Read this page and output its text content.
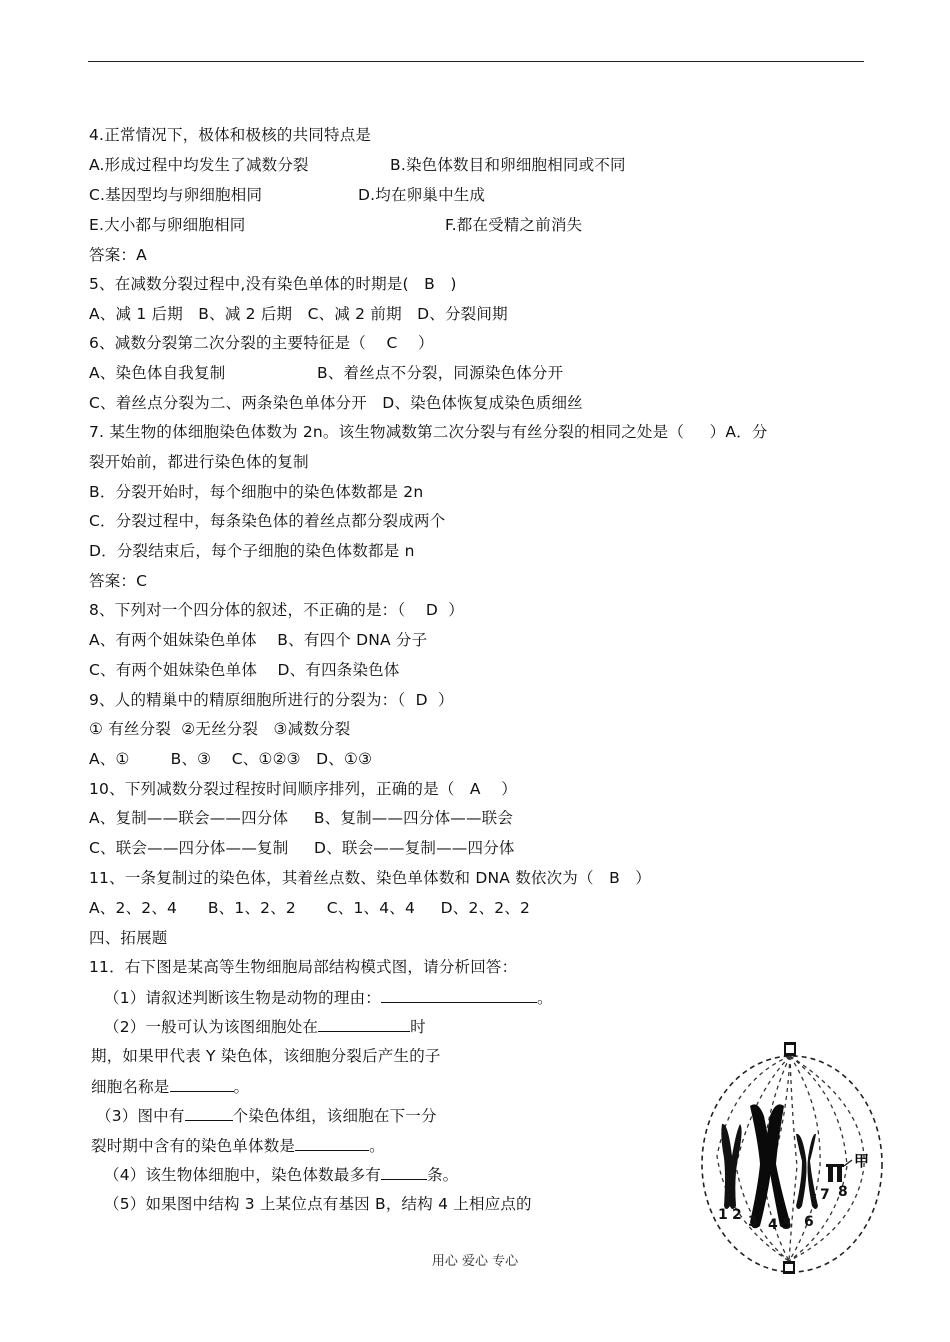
4.正常情况下，极体和极核的共同特点是
A.形成过程中均发生了减数分裂	B.染色体数目和卵细胞相同或不同
C.基因型均与卵细胞相同	D.均在卵巢中生成
E.大小都与卵细胞相同	F.都在受精之前消失
答案：A
5、在减数分裂过程中,没有染色单体的时期是(   B   )
A、减 1 后期   B、减 2 后期   C、减 2 前期   D、分裂间期
6、减数分裂第二次分裂的主要特征是（    C    ）
A、染色体自我复制	B、着丝点不分裂，同源染色体分开
C、着丝点分裂为二、两条染色单体分开   D、染色体恢复成染色质细丝
7. 某生物的体细胞染色体数为 2n。该生物减数第二次分裂与有丝分裂的相同之处是（     ）A．分
裂开始前，都进行染色体的复制
B．分裂开始时，每个细胞中的染色体数都是 2n
C．分裂过程中，每条染色体的着丝点都分裂成两个
D．分裂结束后，每个子细胞的染色体数都是 n
答案：C
8、下列对一个四分体的叙述，不正确的是：（    D  ）
A、有两个姐妹染色单体    B、有四个 DNA 分子
C、有两个姐妹染色单体    D、有四条染色体
9、人的精巢中的精原细胞所进行的分裂为：（  D  ）
① 有丝分裂  ②无丝分裂   ③减数分裂
A、①        B、③    C、①②③   D、①③
10、下列减数分裂过程按时间顺序排列，正确的是（   A    ）
A、复制——联会——四分体     B、复制——四分体——联会
C、联会——四分体——复制     D、联会——复制——四分体
11、一条复制过的染色体，其着丝点数、染色单体数和 DNA 数依次为（   B   ）
A、2、2、4      B、1、2、2      C、1、4、4     D、2、2、2
四、拓展题
11．右下图是某高等生物细胞局部结构模式图，请分析回答：
（1）请叙述判断该生物是动物的理由：	。
（2）一般可认为该图细胞处在	时
期，如果甲代表 Y 染色体，该细胞分裂后产生的子
细胞名称是	。
（3）图中有	个染色体组，该细胞在下一分
裂时期中含有的染色单体数是	。
（4）该生物体细胞中，染色体数最多有	条。
（5）如果图中结构 3 上某位点有基因 B，结构 4 上相应点的
甲
1 2 3 4 5 6
7 8
用心 爱心 专心
